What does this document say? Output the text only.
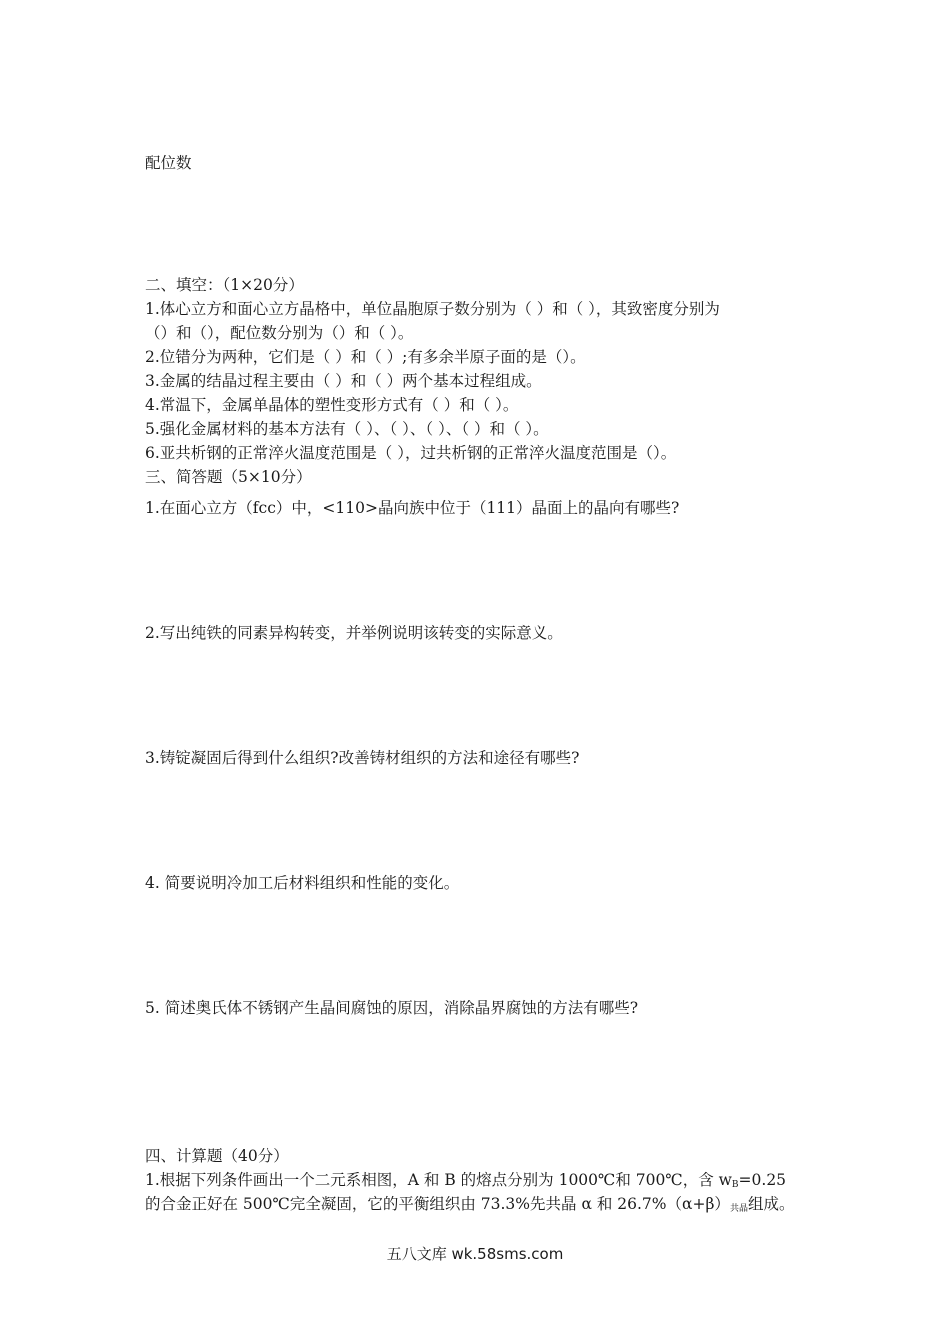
配位数
二、填空：（1×20分）
1.体心立方和面心立方晶格中，单位晶胞原子数分别为（ ）和（ ），其致密度分别为
（）和（），配位数分别为（）和（ ）。
2.位错分为两种，它们是（ ）和（ ）;有多余半原子面的是（）。
3.金属的结晶过程主要由（ ）和（ ）两个基本过程组成。
4.常温下，金属单晶体的塑性变形方式有（ ）和（ ）。
5.强化金属材料的基本方法有（ ）、（ ）、（ ）、（ ）和（ ）。
6.亚共析钢的正常淬火温度范围是（ ），过共析钢的正常淬火温度范围是（）。
三、简答题（5×10分）
1.在面心立方（fcc）中，<110>晶向族中位于（111）晶面上的晶向有哪些?
2.写出纯铁的同素异构转变，并举例说明该转变的实际意义。
3.铸锭凝固后得到什么组织?改善铸材组织的方法和途径有哪些?
4. 简要说明冷加工后材料组织和性能的变化。
5. 简述奥氏体不锈钢产生晶间腐蚀的原因，消除晶界腐蚀的方法有哪些?
四、计算题（40分）
1.根据下列条件画出一个二元系相图，A 和 B 的熔点分别为 1000℃和 700℃，含 $w_B=0.25$
的合金正好在 500℃完全凝固，它的平衡组织由 73.3%先共晶 α 和 $26.7\%(\alpha+\beta)_{共晶}$组成。
五八文库 wk.58sms.com
